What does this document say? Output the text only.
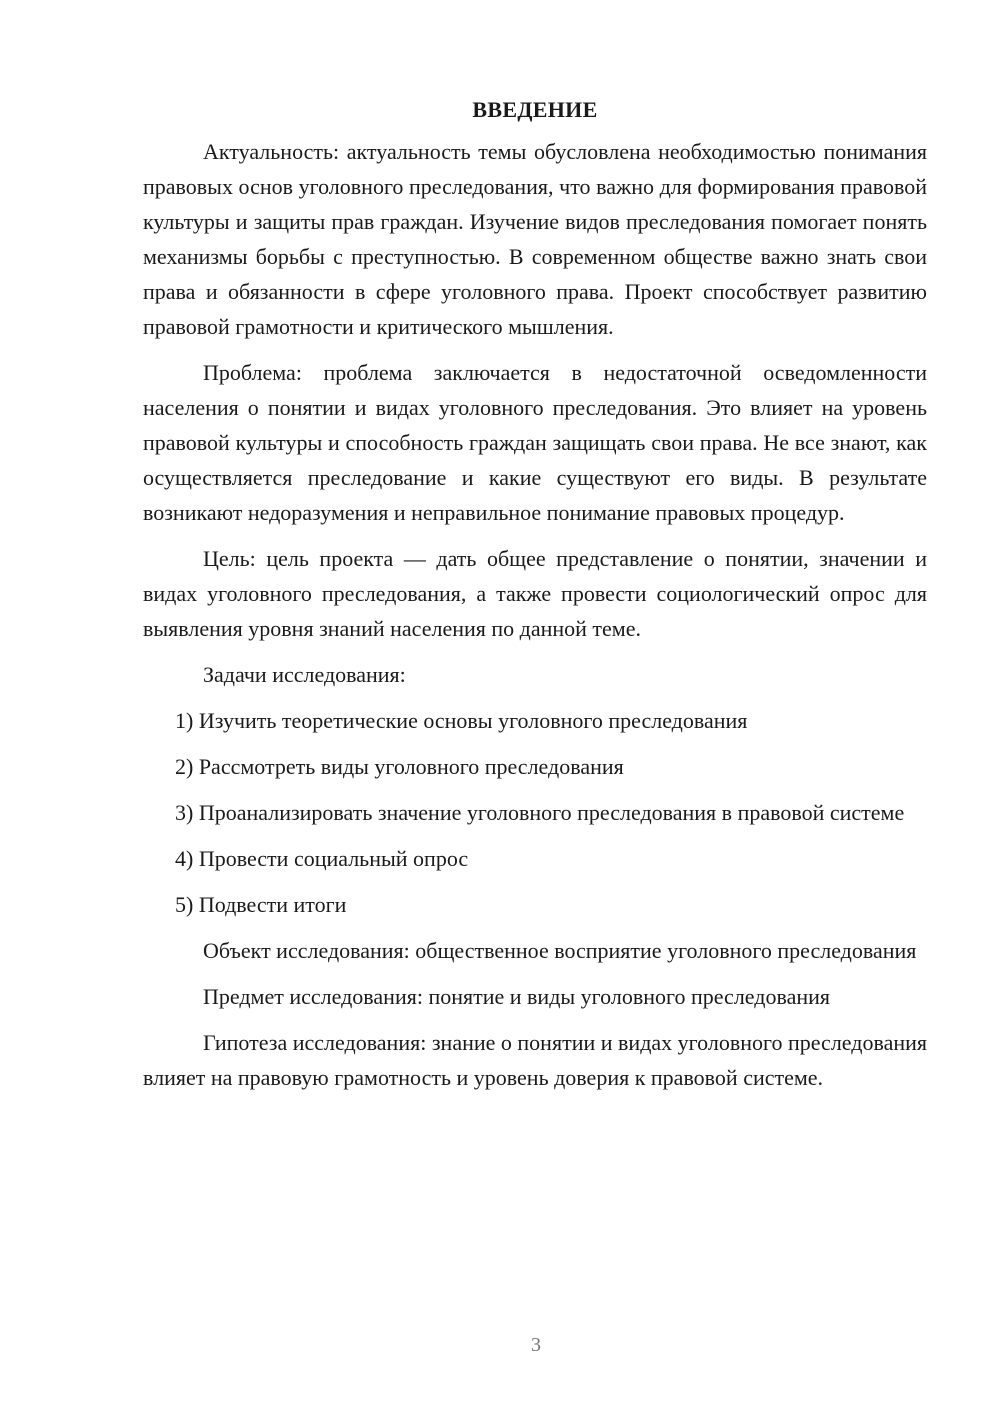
ВВЕДЕНИЕ

Актуальность: актуальность темы обусловлена необходимостью понимания правовых основ уголовного преследования, что важно для формирования правовой культуры и защиты прав граждан. Изучение видов преследования помогает понять механизмы борьбы с преступностью. В современном обществе важно знать свои права и обязанности в сфере уголовного права. Проект способствует развитию правовой грамотности и критического мышления.

Проблема: проблема заключается в недостаточной осведомленности населения о понятии и видах уголовного преследования. Это влияет на уровень правовой культуры и способность граждан защищать свои права. Не все знают, как осуществляется преследование и какие существуют его виды. В результате возникают недоразумения и неправильное понимание правовых процедур.

Цель: цель проекта — дать общее представление о понятии, значении и видах уголовного преследования, а также провести социологический опрос для выявления уровня знаний населения по данной теме.

Задачи исследования:

1) Изучить теоретические основы уголовного преследования

2) Рассмотреть виды уголовного преследования

3) Проанализировать значение уголовного преследования в правовой системе

4) Провести социальный опрос

5) Подвести итоги

Объект исследования: общественное восприятие уголовного преследования

Предмет исследования: понятие и виды уголовного преследования

Гипотеза исследования: знание о понятии и видах уголовного преследования влияет на правовую грамотность и уровень доверия к правовой системе.

3
